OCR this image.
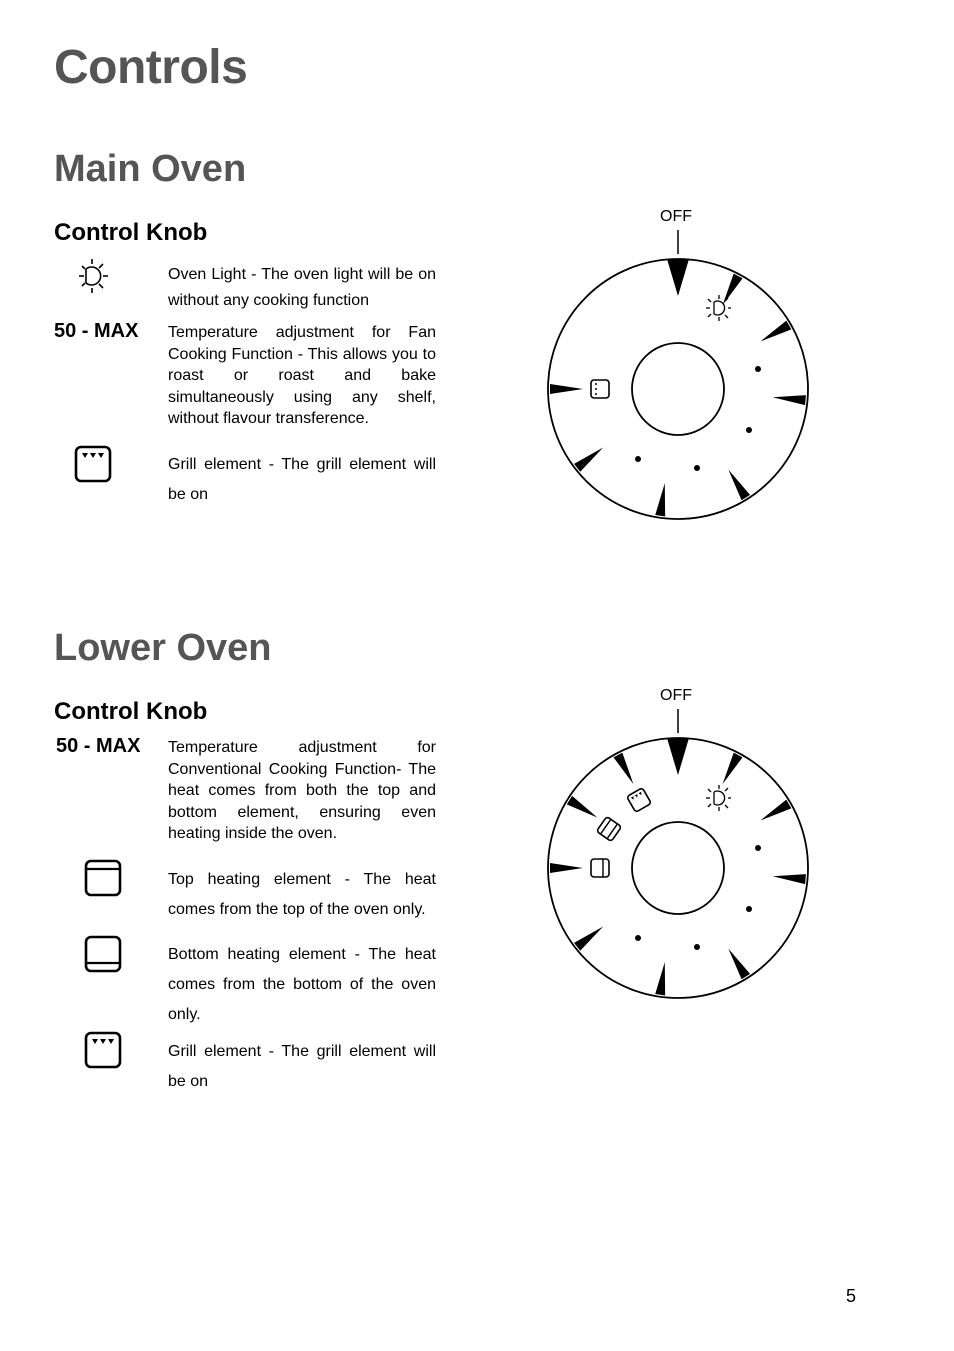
Controls
Main Oven
Control Knob
Oven Light - The oven light will be on without any cooking function
50 - MAX Temperature adjustment for Fan Cooking Function - This allows you to roast or roast and bake simultaneously using any shelf, without flavour transference.
Grill element - The grill element will be on
OFF
Lower Oven
Control Knob
50 - MAX Temperature adjustment for Conventional Cooking Function- The heat comes from both the top and bottom element, ensuring even heating inside the oven.
Top heating element - The heat comes from the top of the oven only.
Bottom heating element - The heat comes from the bottom of the oven only.
Grill element - The grill element will be on
OFF
5
